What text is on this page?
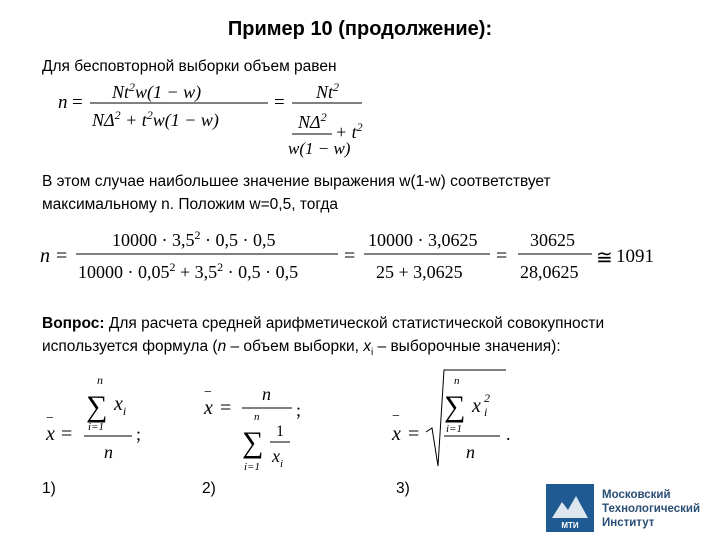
Пример 10 (продолжение):
Для бесповторной выборки объем равен
$n = Nt^2w(1 - w)$
$N\Delta^2 + t^2w(1 - w)$
= $Nt^2$
$N\Delta^2$
w(1 − w)
+ $t^2$
В этом случае наибольшее значение выражения w(1-w) соответствует
максимальному n. Положим w=0,5, тогда
n =
$10000 \cdot 3,5^2 \cdot 0,5 \cdot 0,5$
$10000 \cdot 0,05^2 + 3,5^2 \cdot 0,5 \cdot 0,5$
=
10000 · 3,0625
25 + 3,0625
=
30625
28,0625
≅ 1091
Вопрос: Для расчета средней арифметической статистической совокупности
используется формула (n – объем выборки, $x_i$ – выборочные значения):
−
x =
n
∑
i=1
$x_i$
n
;
1)
−
x =
n
n
∑
i=1
1
$x_i$
;
2)
−
x =
n
∑
i=1
x 2 i
n
.
3)
МТИ
Московский
Технологический
Институт
